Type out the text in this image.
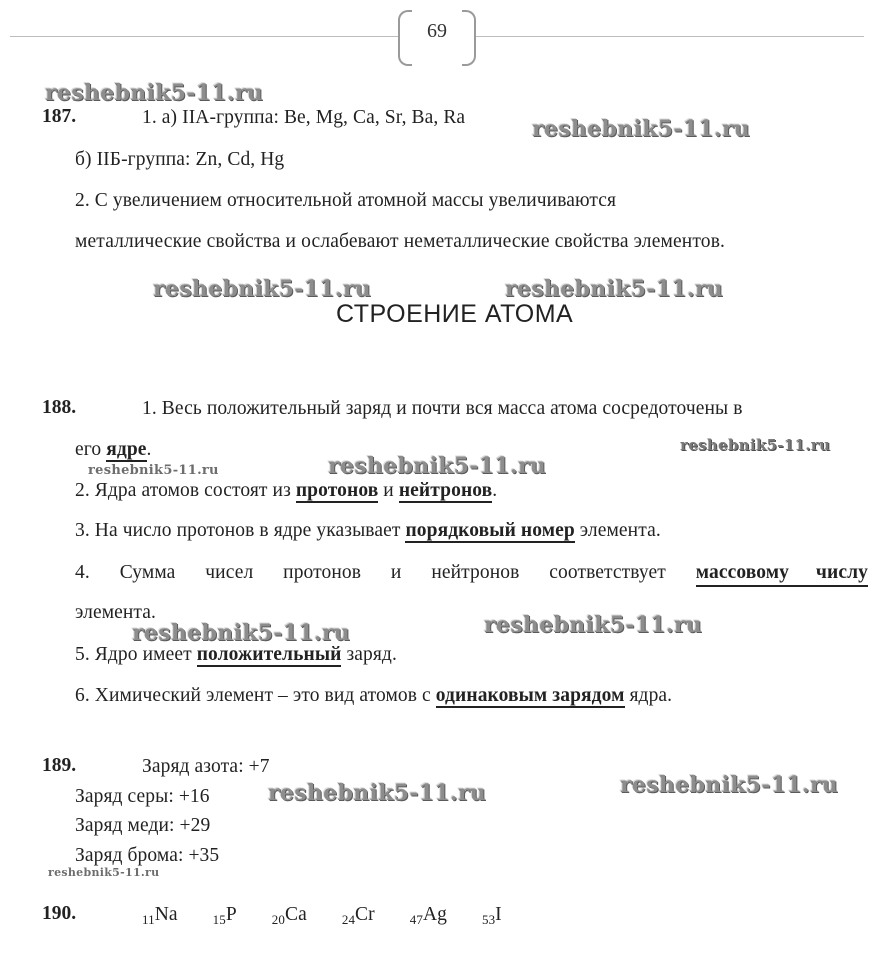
69
reshebnik5-11.ru
reshebnik5-11.ru
reshebnik5-11.ru	reshebnik5-11.ru
reshebnik5-11.ru
reshebnik5-11.ru	reshebnik5-11.ru
reshebnik5-11.ru	reshebnik5-11.ru
reshebnik5-11.ru
reshebnik5-11.ru
reshebnik5-11.ru
187.	1. а) IIA-группа: Be, Mg, Ca, Sr, Ba, Ra
б) IIБ-группа: Zn, Cd, Hg
2. С увеличением относительной атомной массы увеличиваются
металлические свойства и ослабевают неметаллические свойства элементов.
СТРОЕНИЕ АТОМА
188.	1. Весь положительный заряд и почти вся масса атома сосредоточены в
его ядре.
2. Ядра атомов состоят из протонов и нейтронов.
3. На число протонов в ядре указывает порядковый номер элемента.
4. Сумма чисел протонов и нейтронов соответствует массовому числу
элемента.
5. Ядро имеет положительный заряд.
6. Химический элемент – это вид атомов с одинаковым зарядом ядра.
189.	Заряд азота: +7
Заряд серы: +16
Заряд меди: +29
Заряд брома: +35
190.	$_{11}$Na	$_{15}$P	$_{20}$Ca	$_{24}$Cr	$_{47}$Ag	$_{53}$I
